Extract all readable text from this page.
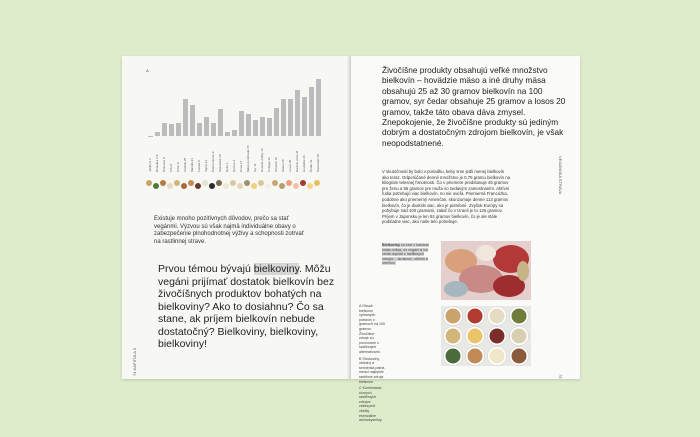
A
Jablko 0.3 Brokolica 2.8 Šošovica 9 Tofu 8 Cícer 9 Arašidy 25 Mandle 21 Fazuľa 9 Vajcia 13 Čierna fazuľa 9 Semienka 18 Ryža 3 Quinoa 4 Ovos 17 Mäsová náhrada 15 Syr 11 Ovsené vločky 13 Cottage 12 Tempeh 19 Seitan 25 Losos 25 Kuracie prsia 31 Hovädzie 26 Čedar 33 Parmezán 38
Existuje mnoho pozitívnych dôvodov, prečo sa stať vegánmi. Výzvou sú však najmä individuálne obavy o zabezpečenie plnohodnotnej výživy a schopnosti zotrvať na rastlinnej strave.
Prvou témou bývajú bielkoviny. Môžu vegáni prijímať dostatok bielkovín bez živočíšnych produktov bohatých na bielkoviny? Ako to dosiahnu? Čo sa stane, ak príjem bielkovín nebude dostatočný? Bielkoviny, bielkoviny, bielkoviny!
74 KAPITOLA 5
Živočíšne produkty obsahujú veľké množstvo bielkovín – hovädzie mäso a iné druhy mäsa obsahujú 25 až 30 gramov bielkovín na 100 gramov, syr čedar obsahuje 25 gramov a losos 20 gramov, takže táto obava dáva zmysel. Znepokojenie, že živočíšne produkty sú jediným dobrým a dostatočným zdrojom bielkovín, je však neopodstatnené.
V skutočnosti by bolo v poriadku, keby sme jedli menej bielkovín ako teraz. Odporúčané denné množstvo je 0,75 gramu bielkovín na kilogram telesnej hmotnosti. Čo v priemere predstavuje 45 gramov pre ženu a 55 gramov pre muža so sedavým zamestnaním. Aktívni ľudia potrebujú viac bielkovín, no nie oveľa. Priemerná Francúzka, podobne ako priemerný Američan, skonzumuje denne 113 gramov bielkovín, čo je dvakrát viac, ako je potrebné. Zvyšok Európy sa pohybuje nad 100 gramami, zatiaľ čo v Izraeli je to 126 gramov. Príjem v Japonsku je len 92 gramov bielkovín, čo je ale stále podstatne viac, ako naše telo potrebuje.
Bielkoviny sú síce v každom kúsku mäsa, no vegáni si ich vedia dopriať z rastlinných zdrojov – strukovín, obilnín a orechov.
A Obsah bielkovín vybraných potravín v gramoch na 100 gramov. Živočíšne zdroje sú porovnané s rastlinnými alternatívami.
B Strukoviny, obilniny a semienká patria medzi najlepšie rastlinné zdroje bielkovín.
C Kombinácia rôznych rastlinných zdrojov zabezpečí všetky esenciálne aminokyseliny.
VEGÁNSKA STRAVA
75
